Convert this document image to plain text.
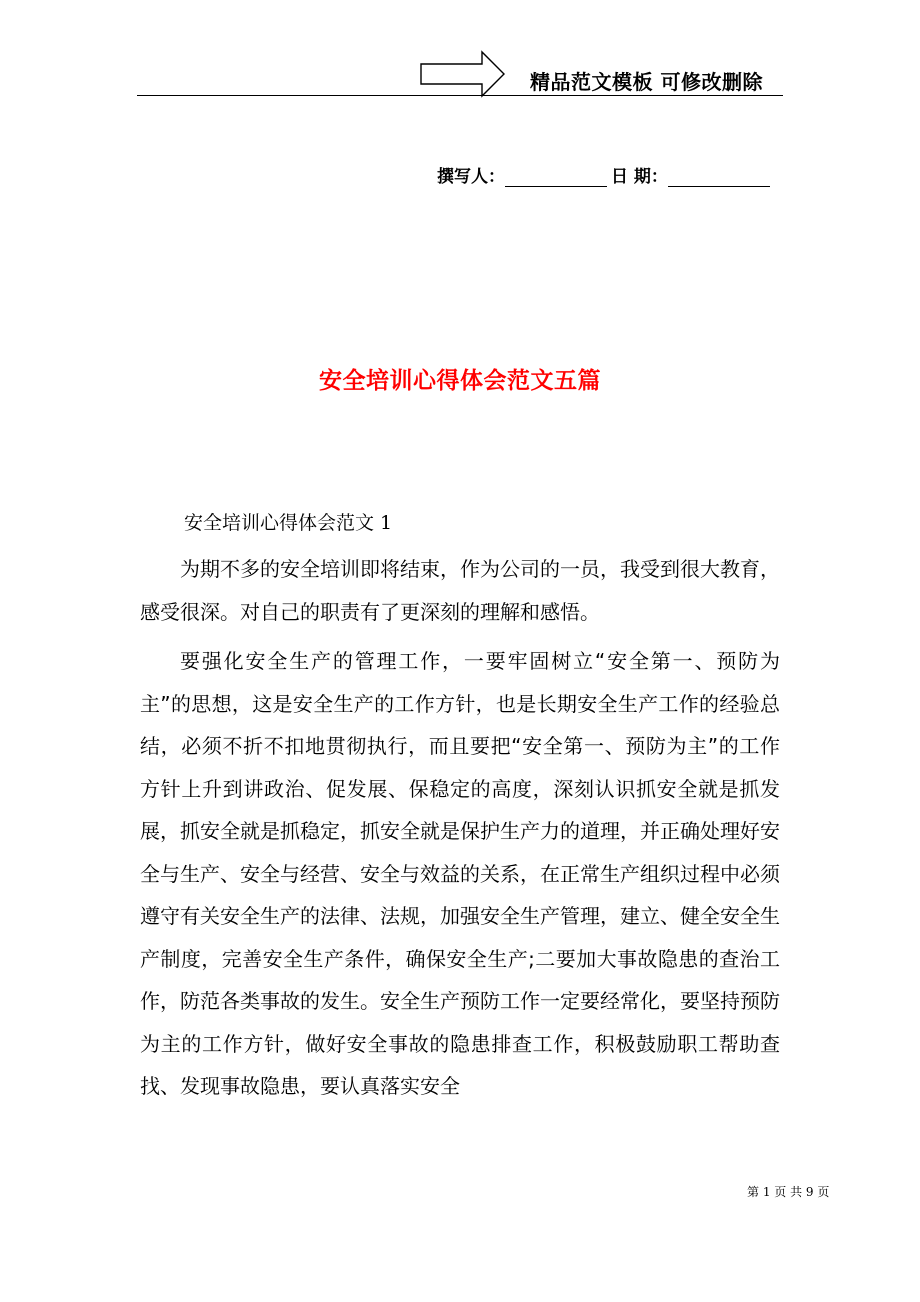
精品范文模板 可修改删除
撰写人：	日 期：
安全培训心得体会范文五篇
安全培训心得体会范文 1

为期不多的安全培训即将结束，作为公司的一员，我受到很大教育，感受很深。对自己的职责有了更深刻的理解和感悟。

要强化安全生产的管理工作，一要牢固树立“安全第一、预防为主”的思想，这是安全生产的工作方针，也是长期安全生产工作的经验总结，必须不折不扣地贯彻执行，而且要把“安全第一、预防为主”的工作方针上升到讲政治、促发展、保稳定的高度，深刻认识抓安全就是抓发展，抓安全就是抓稳定，抓安全就是保护生产力的道理，并正确处理好安全与生产、安全与经营、安全与效益的关系，在正常生产组织过程中必须遵守有关安全生产的法律、法规，加强安全生产管理，建立、健全安全生产制度，完善安全生产条件，确保安全生产;二要加大事故隐患的查治工作，防范各类事故的发生。安全生产预防工作一定要经常化，要坚持预防为主的工作方针，做好安全事故的隐患排查工作，积极鼓励职工帮助查找、发现事故隐患，要认真落实安全

第 1 页 共 9 页
